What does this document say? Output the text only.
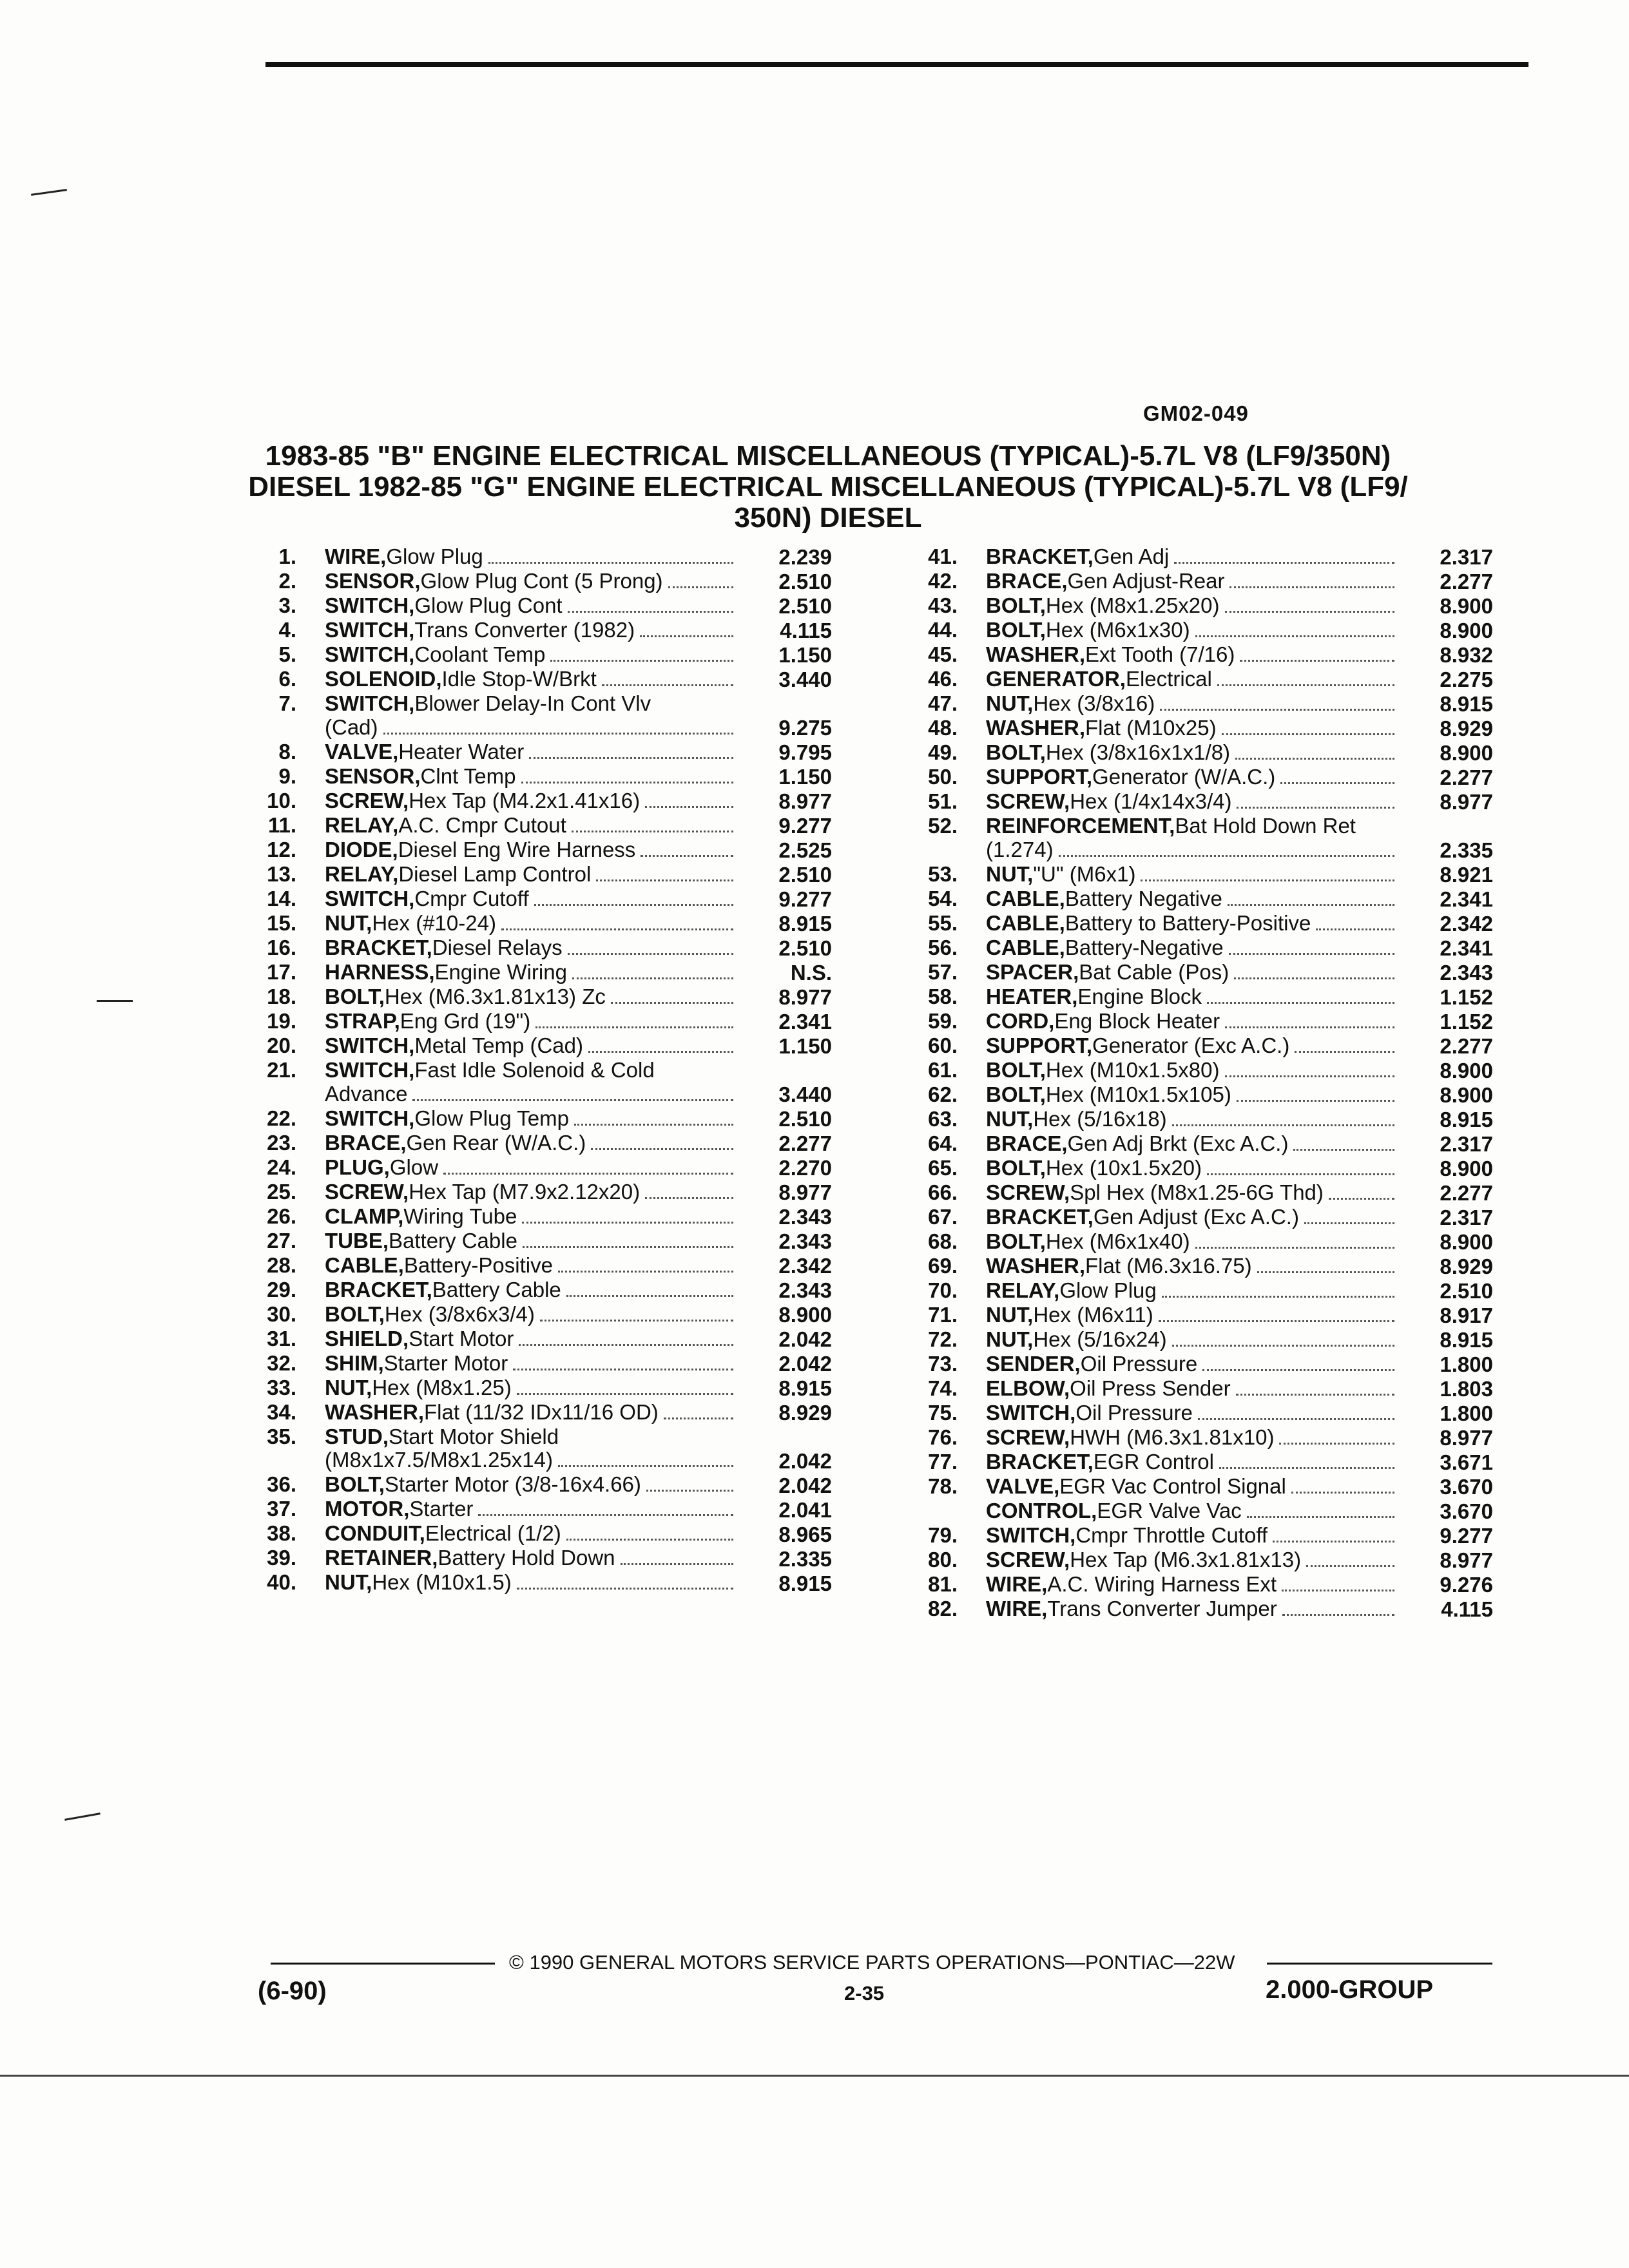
GM02-049
1983-85 "B" ENGINE ELECTRICAL MISCELLANEOUS (TYPICAL)-5.7L V8 (LF9/350N)
DIESEL 1982-85 "G" ENGINE ELECTRICAL MISCELLANEOUS (TYPICAL)-5.7L V8 (LF9/
350N) DIESEL
1. WIRE, Glow Plug	2.239
2. SENSOR, Glow Plug Cont (5 Prong)	2.510
3. SWITCH, Glow Plug Cont	2.510
4. SWITCH, Trans Converter (1982)	4.115
5. SWITCH, Coolant Temp	1.150
6. SOLENOID, Idle Stop-W/Brkt	3.440
7. SWITCH, Blower Delay-In Cont Vlv
(Cad)	9.275
8. VALVE, Heater Water	9.795
9. SENSOR, Clnt Temp	1.150
10. SCREW, Hex Tap (M4.2x1.41x16)	8.977
11. RELAY, A.C. Cmpr Cutout	9.277
12. DIODE, Diesel Eng Wire Harness	2.525
13. RELAY, Diesel Lamp Control	2.510
14. SWITCH, Cmpr Cutoff	9.277
15. NUT, Hex (#10-24)	8.915
16. BRACKET, Diesel Relays	2.510
17. HARNESS, Engine Wiring	N.S.
18. BOLT, Hex (M6.3x1.81x13) Zc	8.977
19. STRAP, Eng Grd (19")	2.341
20. SWITCH, Metal Temp (Cad)	1.150
21. SWITCH, Fast Idle Solenoid & Cold
Advance	3.440
22. SWITCH, Glow Plug Temp	2.510
23. BRACE, Gen Rear (W/A.C.)	2.277
24. PLUG, Glow	2.270
25. SCREW, Hex Tap (M7.9x2.12x20)	8.977
26. CLAMP, Wiring Tube	2.343
27. TUBE, Battery Cable	2.343
28. CABLE, Battery-Positive	2.342
29. BRACKET, Battery Cable	2.343
30. BOLT, Hex (3/8x6x3/4)	8.900
31. SHIELD, Start Motor	2.042
32. SHIM, Starter Motor	2.042
33. NUT, Hex (M8x1.25)	8.915
34. WASHER, Flat (11/32 IDx11/16 OD)	8.929
35. STUD, Start Motor Shield
(M8x1x7.5/M8x1.25x14)	2.042
36. BOLT, Starter Motor (3/8-16x4.66)	2.042
37. MOTOR, Starter	2.041
38. CONDUIT, Electrical (1/2)	8.965
39. RETAINER, Battery Hold Down	2.335
40. NUT, Hex (M10x1.5)	8.915
41. BRACKET, Gen Adj	2.317
42. BRACE, Gen Adjust-Rear	2.277
43. BOLT, Hex (M8x1.25x20)	8.900
44. BOLT, Hex (M6x1x30)	8.900
45. WASHER, Ext Tooth (7/16)	8.932
46. GENERATOR, Electrical	2.275
47. NUT, Hex (3/8x16)	8.915
48. WASHER, Flat (M10x25)	8.929
49. BOLT, Hex (3/8x16x1x1/8)	8.900
50. SUPPORT, Generator (W/A.C.)	2.277
51. SCREW, Hex (1/4x14x3/4)	8.977
52. REINFORCEMENT, Bat Hold Down Ret
(1.274)	2.335
53. NUT, "U" (M6x1)	8.921
54. CABLE, Battery Negative	2.341
55. CABLE, Battery to Battery-Positive	2.342
56. CABLE, Battery-Negative	2.341
57. SPACER, Bat Cable (Pos)	2.343
58. HEATER, Engine Block	1.152
59. CORD, Eng Block Heater	1.152
60. SUPPORT, Generator (Exc A.C.)	2.277
61. BOLT, Hex (M10x1.5x80)	8.900
62. BOLT, Hex (M10x1.5x105)	8.900
63. NUT, Hex (5/16x18)	8.915
64. BRACE, Gen Adj Brkt (Exc A.C.)	2.317
65. BOLT, Hex (10x1.5x20)	8.900
66. SCREW, Spl Hex (M8x1.25-6G Thd)	2.277
67. BRACKET, Gen Adjust (Exc A.C.)	2.317
68. BOLT, Hex (M6x1x40)	8.900
69. WASHER, Flat (M6.3x16.75)	8.929
70. RELAY, Glow Plug	2.510
71. NUT, Hex (M6x11)	8.917
72. NUT, Hex (5/16x24)	8.915
73. SENDER, Oil Pressure	1.800
74. ELBOW, Oil Press Sender	1.803
75. SWITCH, Oil Pressure	1.800
76. SCREW, HWH (M6.3x1.81x10)	8.977
77. BRACKET, EGR Control	3.671
78. VALVE, EGR Vac Control Signal	3.670
CONTROL, EGR Valve Vac	3.670
79. SWITCH, Cmpr Throttle Cutoff	9.277
80. SCREW, Hex Tap (M6.3x1.81x13)	8.977
81. WIRE, A.C. Wiring Harness Ext	9.276
82. WIRE, Trans Converter Jumper	4.115
© 1990 GENERAL MOTORS SERVICE PARTS OPERATIONS—PONTIAC—22W
(6-90)	2-35	2.000-GROUP
